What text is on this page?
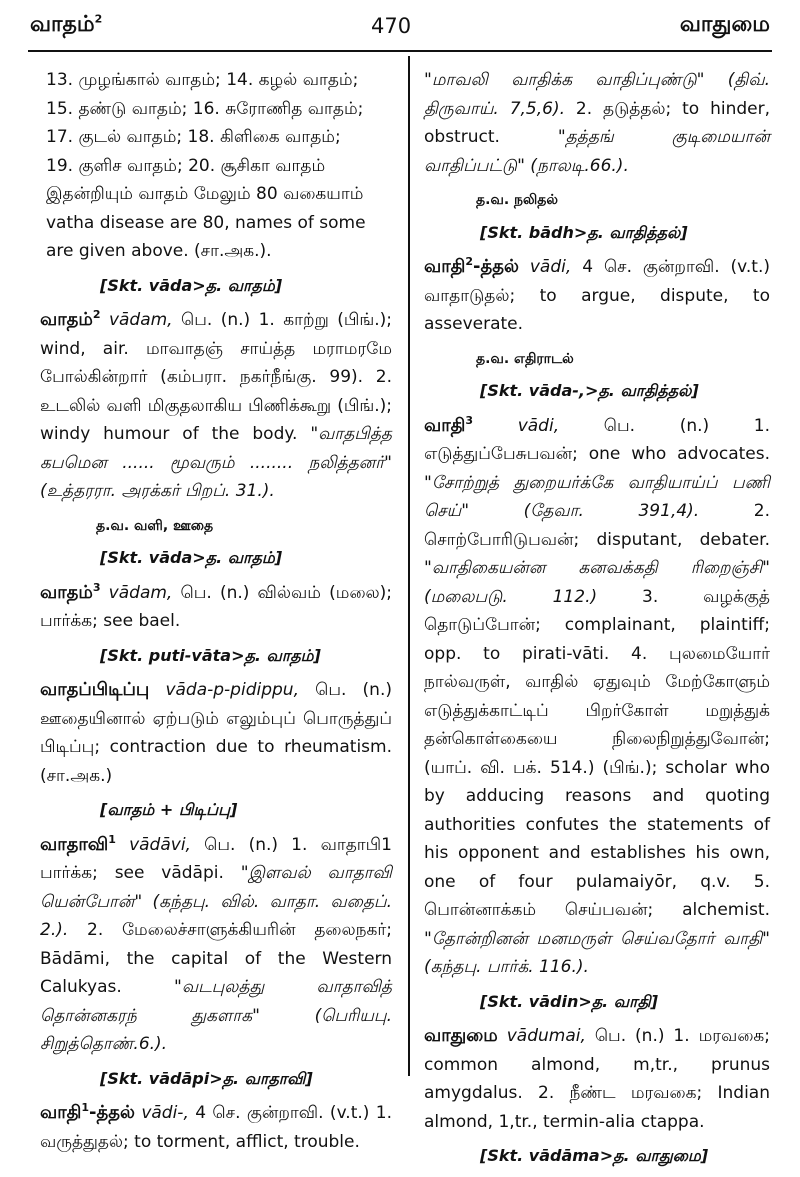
வாதம்$^2$	470	வாதுமை
13. முழங்கால் வாதம்; 14. கழல் வாதம்;
15. தண்டு வாதம்; 16. சுரோணித வாதம்;
17. குடல் வாதம்; 18. கிளிகை வாதம்;
19. குளிச வாதம்; 20. சூசிகா வாதம்
இதன்றியும் வாதம் மேலும் 80 வகையாம்
vatha disease are 80, names of some
are given above. (சா.அக.).
[Skt. vāda>த. வாதம்]
வாதம்$^2$ vādam, பெ. (n.) 1. காற்று (பிங்.); wind, air. மாவாதஞ் சாய்த்த மராமரமே போல்கின்றார் (கம்பரா. நகர்நீங்கு. 99). 2. உடலில் வளி மிகுதலாகிய பிணிக்கூறு (பிங்.); windy humour of the body. "வாதபித்த கபமென ...... மூவரும் ........ நலித்தனர்" (உத்தரரா. அரக்கர் பிறப். 31.).
த.வ. வளி, ஊதை
[Skt. vāda>த. வாதம்]
வாதம்$^3$ vādam, பெ. (n.) வில்வம் (மலை); பார்க்க; see bael.
[Skt. puti-vāta>த. வாதம்]
வாதப்பிடிப்பு vāda-p-pidippu, பெ. (n.) ஊதையினால் ஏற்படும் எலும்புப் பொருத்துப் பிடிப்பு; contraction due to rheumatism. (சா.அக.)
[வாதம் + பிடிப்பு]
வாதாவி$^1$ vādāvi, பெ. (n.) 1. வாதாபி1 பார்க்க; see vādāpi. "இளவல் வாதாவி யென்போன்" (கந்தபு. வில். வாதா. வதைப். 2.). 2. மேலைச்சாளுக்கியரின் தலைநகர்; Bādāmi, the capital of the Western Calukyas.	"வடபுலத்து வாதாவித் தொன்னகரந் துகளாக" (பெரியபு. சிறுத்தொண்.6.).
[Skt. vādāpi>த. வாதாவி]
வாதி$^1$-த்தல் vādi-, 4 செ. குன்றாவி. (v.t.) 1. வருத்துதல்; to torment, afflict, trouble.
"மாவலி வாதிக்க வாதிப்புண்டு" (திவ். திருவாய். 7,5,6). 2. தடுத்தல்; to hinder, obstruct.	"தத்தங் குடிமையான் வாதிப்பட்டு" (நாலடி.66.).
த.வ. நலிதல்
[Skt. bādh>த. வாதித்தல்]
வாதி$^2$-த்தல் vādi, 4 செ. குன்றாவி. (v.t.) வாதாடுதல்; to argue, dispute, to asseverate.
த.வ. எதிராடல்
[Skt. vāda-,>த. வாதித்தல்]
வாதி$^3$	vādi,	பெ. (n.) 1. எடுத்துப்பேசுபவன்; one who advocates. "சோற்றுத் துறையர்க்கே வாதியாய்ப் பணி செய்" (தேவா. 391,4).	2. சொற்போரிடுபவன்; disputant, debater. "வாதிகையன்ன கனவக்கதி ரிறைஞ்சி" (மலைபடு. 112.)	3. வழக்குத் தொடுப்போன்; complainant, plaintiff; opp. to pirati-vāti. 4. புலமையோர் நால்வருள், வாதில் ஏதுவும் மேற்கோளும் எடுத்துக்காட்டிப் பிறர்கோள் மறுத்துக் தன்கொள்கையை நிலைநிறுத்துவோன்; (யாப். வி. பக். 514.) (பிங்.); scholar who by adducing reasons and quoting authorities confutes the statements of his opponent and establishes his own, one of four pulamaiyōr, q.v. 5. பொன்னாக்கம் செய்பவன்; alchemist. "தோன்றினன் மனமருள் செய்வதோர் வாதி" (கந்தபு. பார்க். 116.).
[Skt. vādin>த. வாதி]
வாதுமை vādumai, பெ. (n.) 1. மரவகை; common almond, m,tr., prunus amygdalus. 2. நீண்ட மரவகை; Indian almond, 1,tr., termin-alia ctappa.
[Skt. vādāma>த. வாதுமை]
